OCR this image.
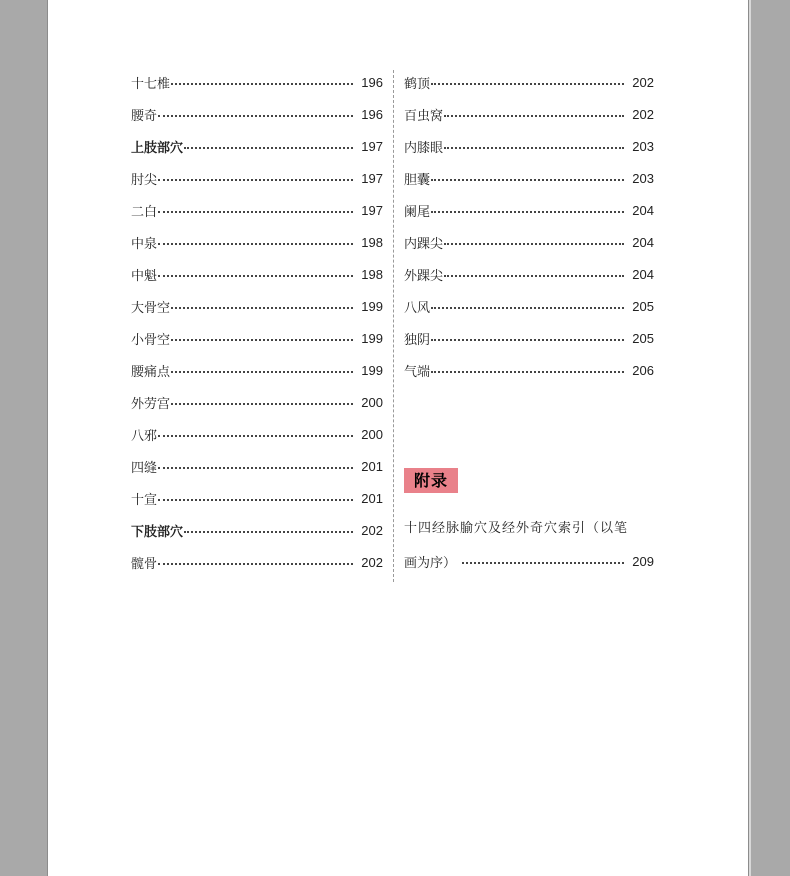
十七椎	196
腰奇	196
上肢部穴	197
肘尖	197
二白	197
中泉	198
中魁	198
大骨空	199
小骨空	199
腰痛点	199
外劳宫	200
八邪	200
四缝	201
十宣	201
下肢部穴	202
髋骨	202
鹤顶	202
百虫窝	202
内膝眼	203
胆囊	203
阑尾	204
内踝尖	204
外踝尖	204
八风	205
独阴	205
气端	206
附录
十四经脉腧穴及经外奇穴索引（以笔
画为序）	209
